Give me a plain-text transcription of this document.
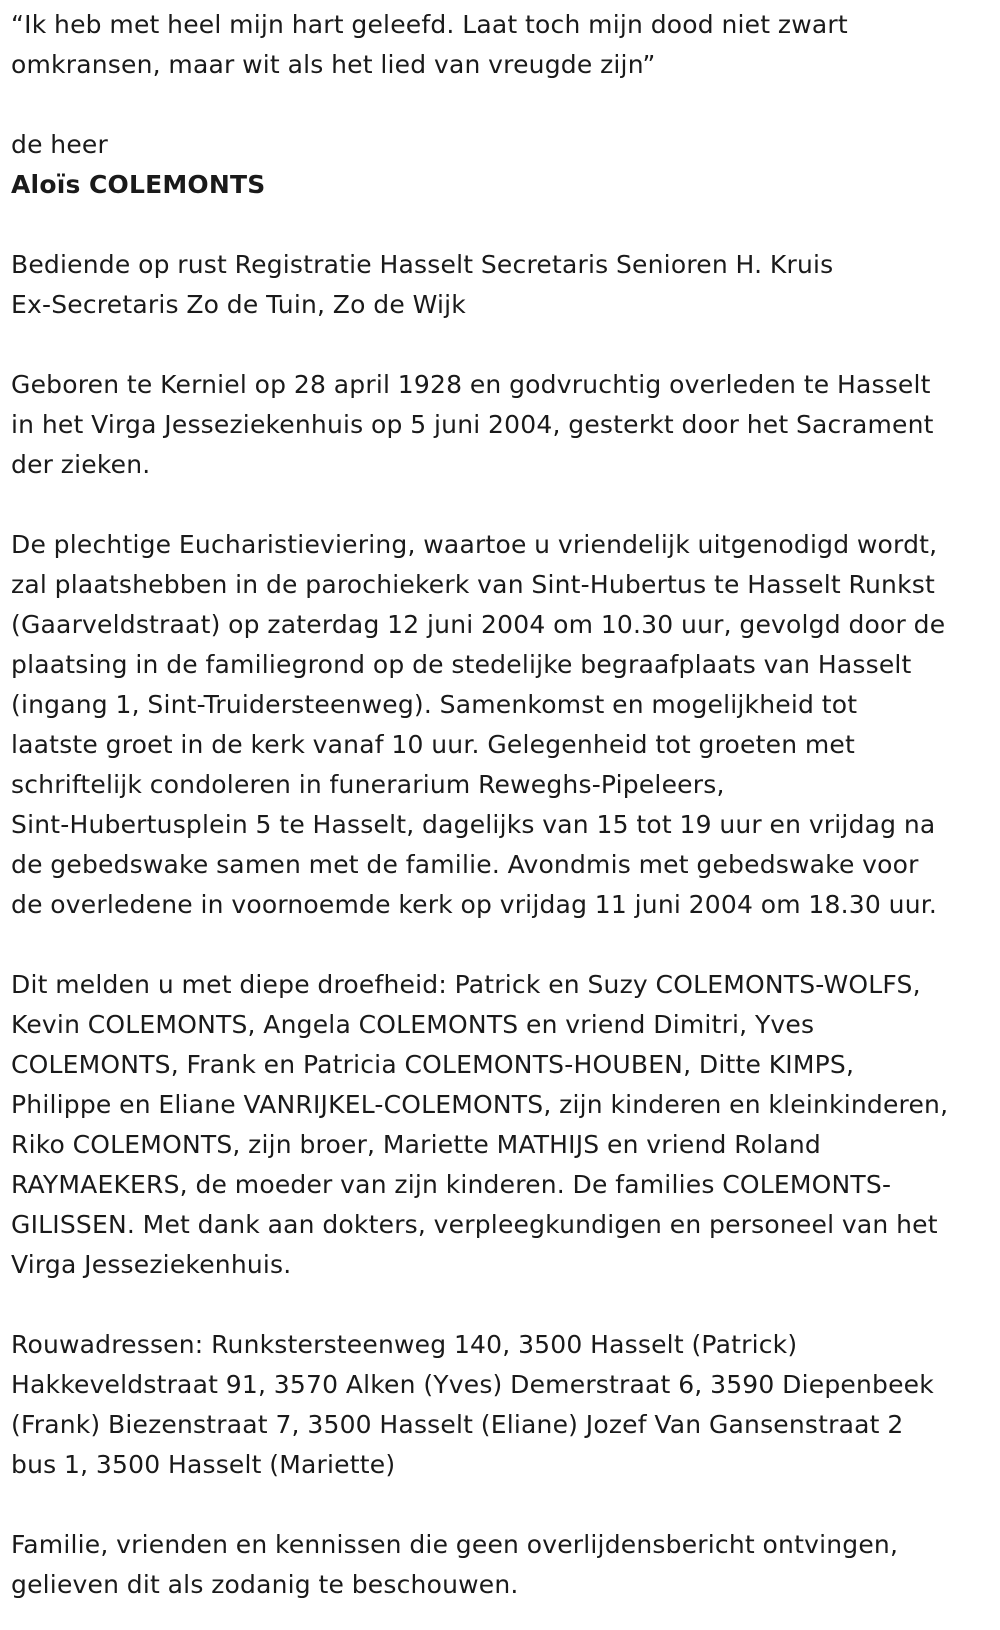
“Ik heb met heel mijn hart geleefd. Laat toch mijn dood niet zwart
omkransen, maar wit als het lied van vreugde zijn”

de heer

Aloïs COLEMONTS

Bediende op rust Registratie Hasselt Secretaris Senioren H. Kruis
Ex-Secretaris Zo de Tuin, Zo de Wijk

Geboren te Kerniel op 28 april 1928 en godvruchtig overleden te Hasselt
in het Virga Jesseziekenhuis op 5 juni 2004, gesterkt door het Sacrament
der zieken.

De plechtige Eucharistieviering, waartoe u vriendelijk uitgenodigd wordt,
zal plaatshebben in de parochiekerk van Sint-Hubertus te Hasselt Runkst
(Gaarveldstraat) op zaterdag 12 juni 2004 om 10.30 uur, gevolgd door de
plaatsing in de familiegrond op de stedelijke begraafplaats van Hasselt
(ingang 1, Sint-Truidersteenweg). Samenkomst en mogelijkheid tot
laatste groet in de kerk vanaf 10 uur. Gelegenheid tot groeten met
schriftelijk condoleren in funerarium Reweghs-Pipeleers,
Sint-Hubertusplein 5 te Hasselt, dagelijks van 15 tot 19 uur en vrijdag na
de gebedswake samen met de familie. Avondmis met gebedswake voor
de overledene in voornoemde kerk op vrijdag 11 juni 2004 om 18.30 uur.

Dit melden u met diepe droefheid: Patrick en Suzy COLEMONTS-WOLFS,
Kevin COLEMONTS, Angela COLEMONTS en vriend Dimitri, Yves
COLEMONTS, Frank en Patricia COLEMONTS-HOUBEN, Ditte KIMPS,
Philippe en Eliane VANRIJKEL-COLEMONTS, zijn kinderen en kleinkinderen,
Riko COLEMONTS, zijn broer, Mariette MATHIJS en vriend Roland
RAYMAEKERS, de moeder van zijn kinderen. De families COLEMONTS-
GILISSEN. Met dank aan dokters, verpleegkundigen en personeel van het
Virga Jesseziekenhuis.

Rouwadressen: Runkstersteenweg 140, 3500 Hasselt (Patrick)
Hakkeveldstraat 91, 3570 Alken (Yves) Demerstraat 6, 3590 Diepenbeek
(Frank) Biezenstraat 7, 3500 Hasselt (Eliane) Jozef Van Gansenstraat 2
bus 1, 3500 Hasselt (Mariette)

Familie, vrienden en kennissen die geen overlijdensbericht ontvingen,
gelieven dit als zodanig te beschouwen.
